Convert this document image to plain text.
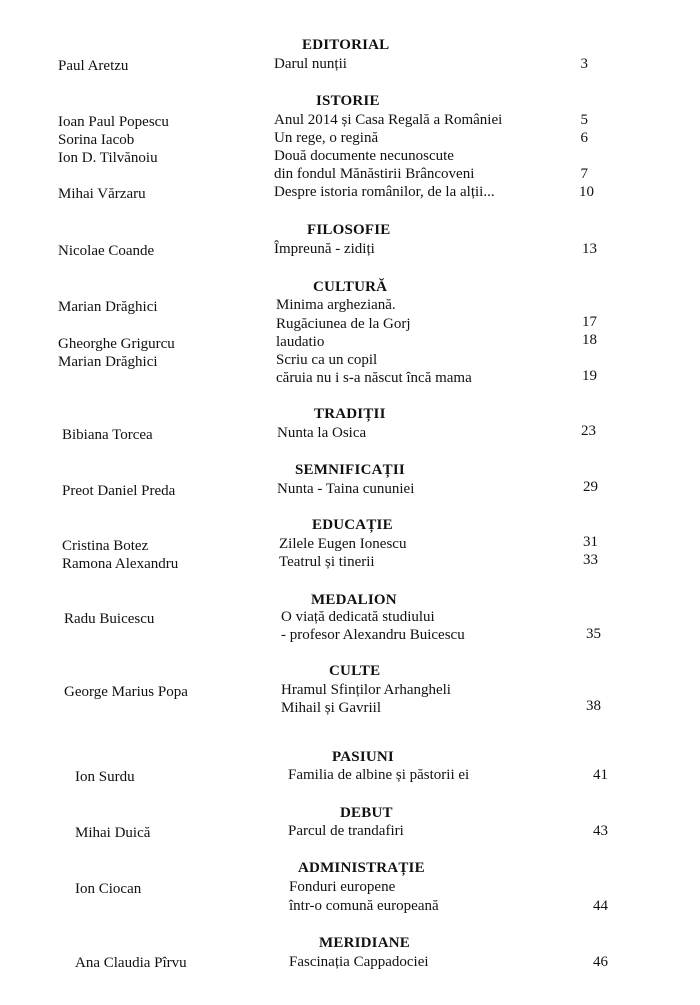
EDITORIAL
Paul Aretzu	Darul nunții	3
ISTORIE
Ioan Paul Popescu	Anul 2014 și Casa Regală a României	5
Sorina Iacob	Un rege, o regină	6
Ion D. Tilvănoiu	Două documente necunoscute
din fondul Mănăstirii Brâncoveni	7
Mihai Vărzaru	Despre istoria românilor, de la alții...	10
FILOSOFIE
Nicolae Coande	Împreună - zidiți	13
CULTURĂ
Marian Drăghici	Minima argheziană.
Rugăciunea de la Gorj	17
Gheorghe Grigurcu	laudatio	18
Marian Drăghici	Scriu ca un copil
căruia nu i s-a născut încă mama	19
TRADIȚII
Bibiana Torcea	Nunta la Osica	23
SEMNIFICAȚII
Preot Daniel Preda	Nunta - Taina cununiei	29
EDUCAȚIE
Cristina Botez	Zilele Eugen Ionescu	31
Ramona Alexandru	Teatrul și tinerii	33
MEDALION
Radu Buicescu	O viață dedicată studiului
- profesor Alexandru Buicescu	35
CULTE
George Marius Popa	Hramul Sfinților Arhangheli
Mihail și Gavriil	38
PASIUNI
Ion Surdu	Familia de albine și păstorii ei	41
DEBUT
Mihai Duică	Parcul de trandafiri	43
ADMINISTRAȚIE
Ion Ciocan	Fonduri europene
într-o comună europeană	44
MERIDIANE
Ana Claudia Pîrvu	Fascinația Cappadociei	46
